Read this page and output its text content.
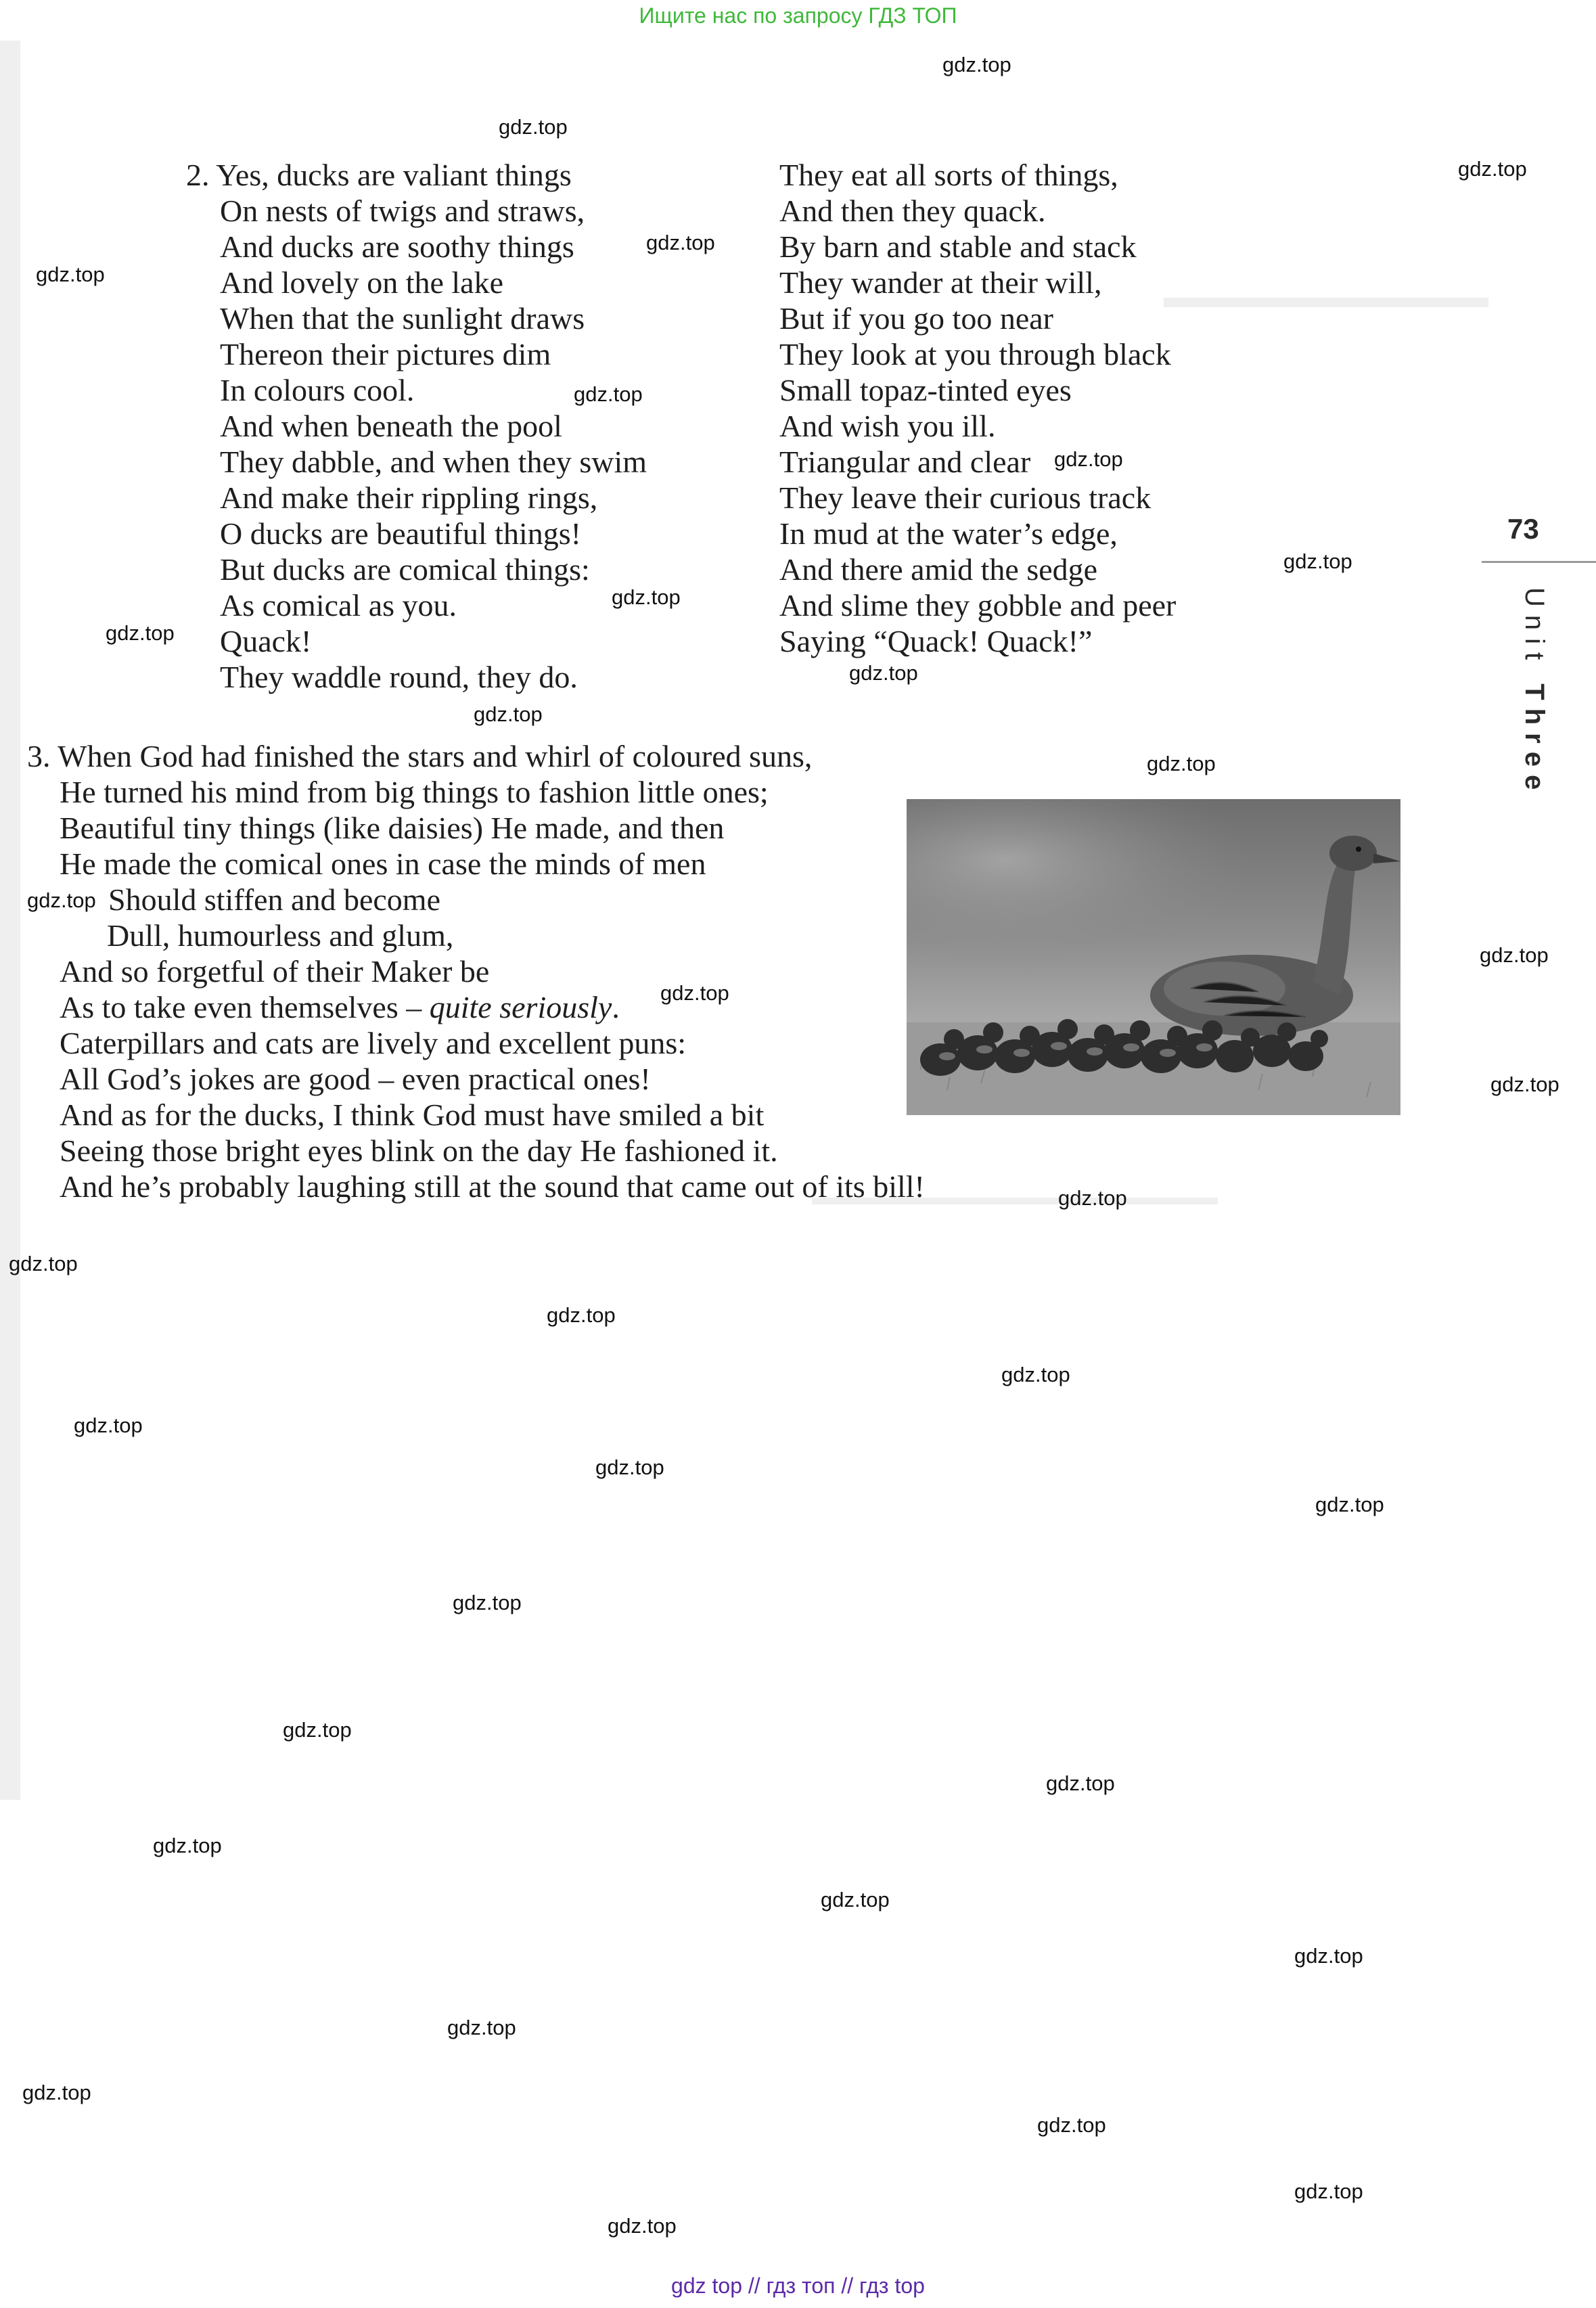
Ищите нас по запросу ГДЗ ТОП
2. Yes, ducks are valiant things
On nests of twigs and straws,
And ducks are soothy things
And lovely on the lake
When that the sunlight draws
Thereon their pictures dim
In colours cool.
And when beneath the pool
They dabble, and when they swim
And make their rippling rings,
O ducks are beautiful things!
But ducks are comical things:
As comical as you.
Quack!
They waddle round, they do.
They eat all sorts of things,
And then they quack.
By barn and stable and stack
They wander at their will,
But if you go too near
They look at you through black
Small topaz-tinted eyes
And wish you ill.
Triangular and clear
They leave their curious track
In mud at the water’s edge,
And there amid the sedge
And slime they gobble and peer
Saying “Quack! Quack!”
3. When God had finished the stars and whirl of coloured suns,
He turned his mind from big things to fashion little ones;
Beautiful tiny things (like daisies) He made, and then
He made the comical ones in case the minds of men
Should stiffen and become
Dull, humourless and glum,
And so forgetful of their Maker be
As to take even themselves – quite seriously.
Caterpillars and cats are lively and excellent puns:
All God’s jokes are good – even practical ones!
And as for the ducks, I think God must have smiled a bit
Seeing those bright eyes blink on the day He fashioned it.
And he’s probably laughing still at the sound that came out of its bill!
73
Unit Three
gdz.top
gdz.top
gdz.top
gdz.top
gdz.top
gdz.top
gdz.top
gdz.top
gdz.top
gdz.top
gdz.top
gdz.top
gdz.top
gdz.top
gdz.top
gdz.top
gdz.top
gdz.top
gdz.top
gdz.top
gdz.top
gdz.top
gdz.top
gdz.top
gdz.top
gdz.top
gdz.top
gdz.top
gdz.top
gdz.top
gdz.top
gdz.top
gdz.top
gdz.top
gdz.top
gdz top // гдз топ // гдз top
